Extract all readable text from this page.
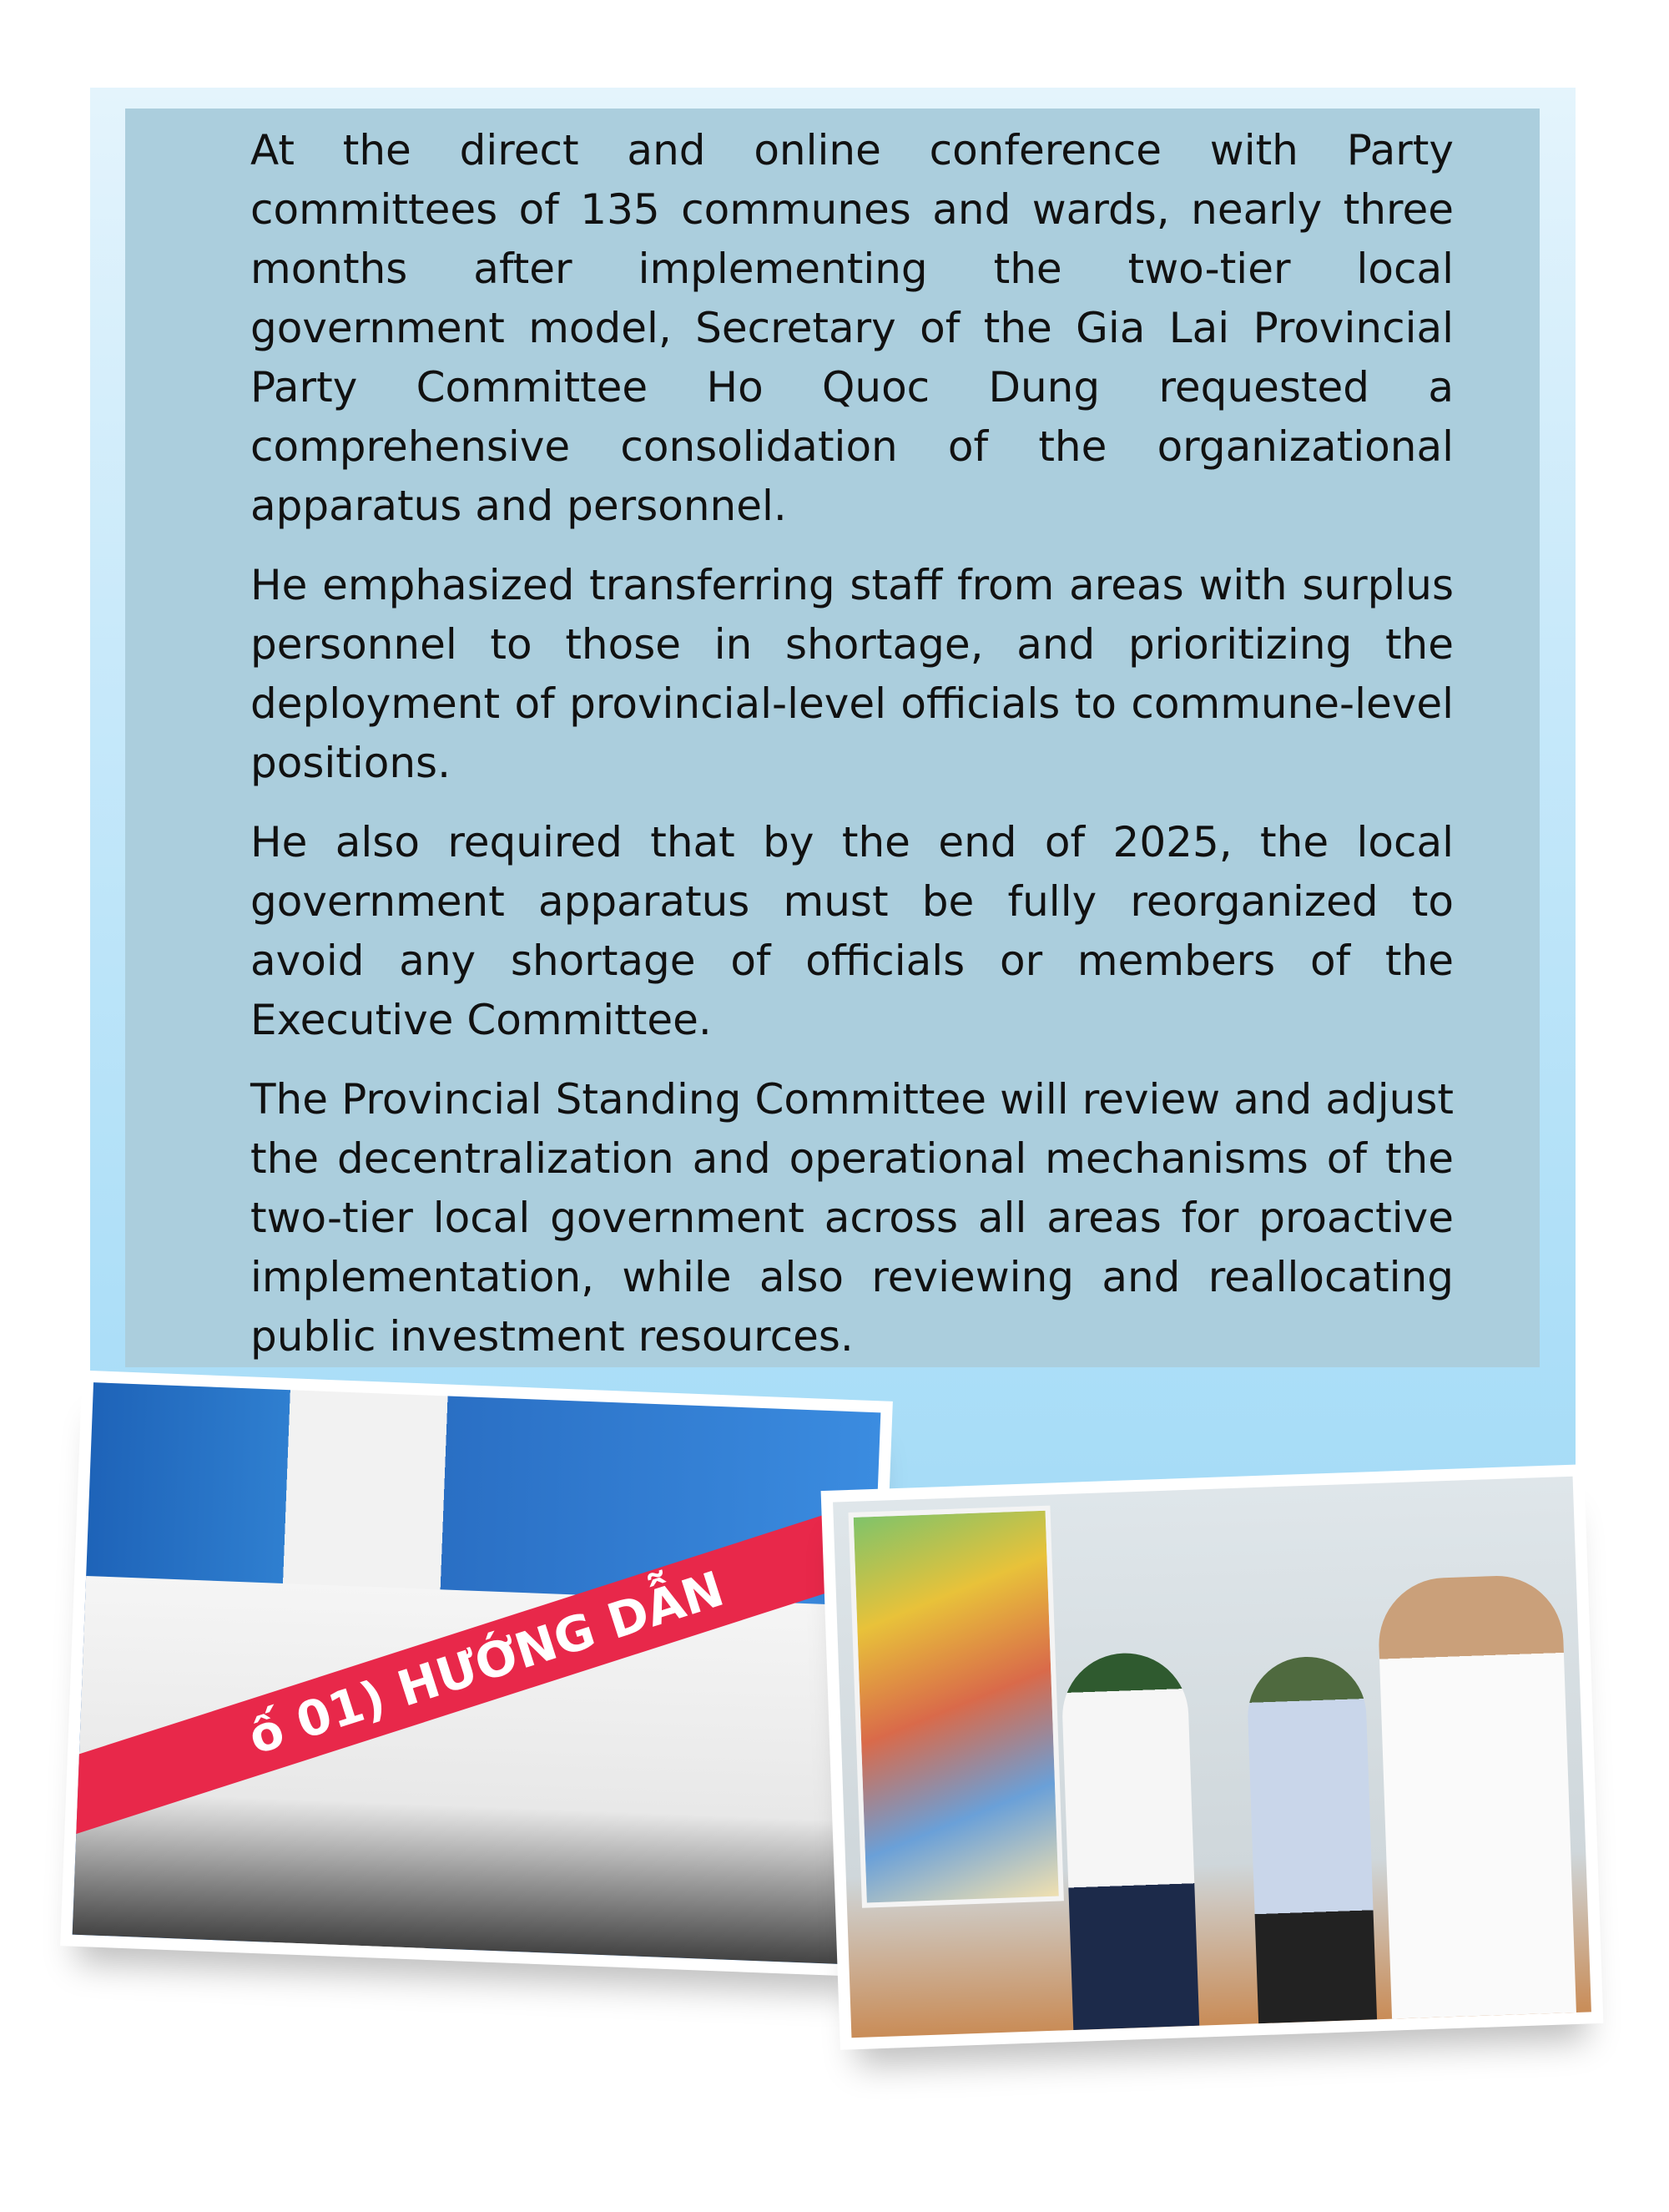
At the direct and online conference with Party committees of 135 communes and wards, nearly three months after implementing the two-tier local government model, Secretary of the Gia Lai Provincial Party Committee Ho Quoc Dung requested a comprehensive consolidation of the organizational apparatus and personnel.

He emphasized transferring staff from areas with surplus personnel to those in shortage, and prioritizing the deployment of provincial-level officials to commune-level positions.

He also required that by the end of 2025, the local government apparatus must be fully reorganized to avoid any shortage of officials or members of the Executive Committee.

The Provincial Standing Committee will review and adjust the decentralization and operational mechanisms of the two-tier local government across all areas for proactive implementation, while also reviewing and reallocating public investment resources.

ố 01) HƯỚNG DẪN
